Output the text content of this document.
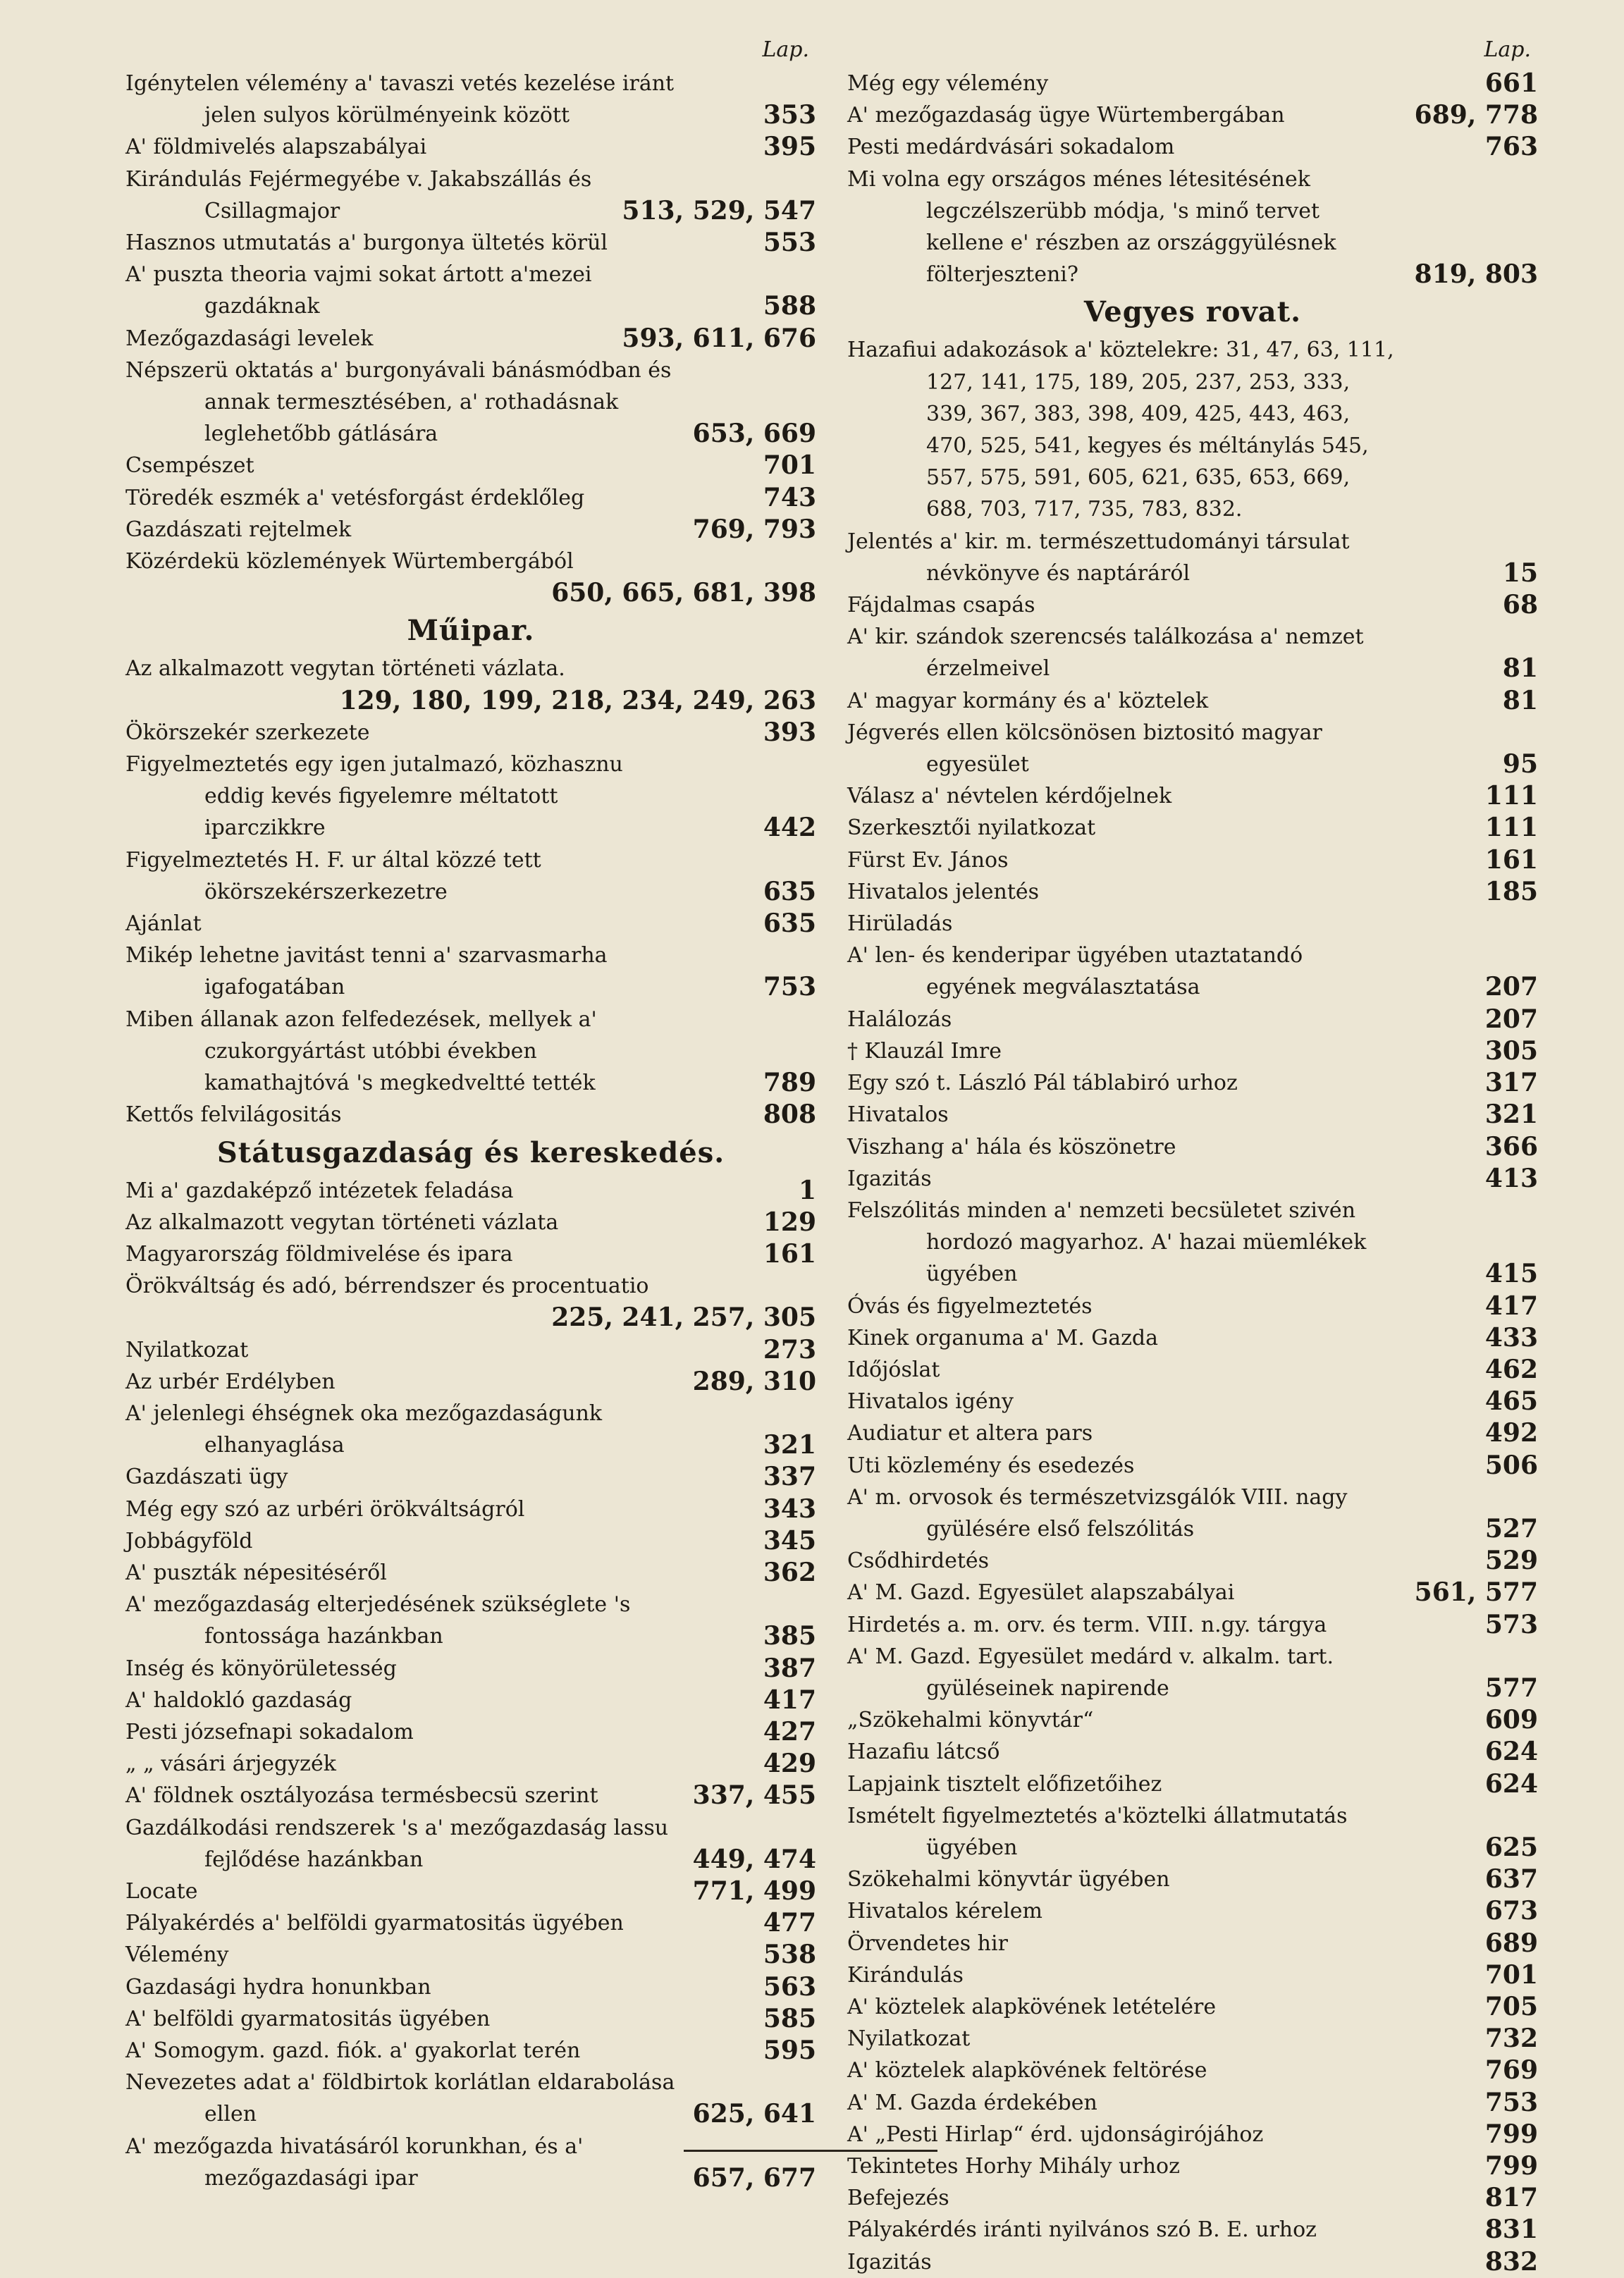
Lap.
Igénytelen vélemény a' tavaszi vetés kezelése iránt jelen sulyos körülményeink között	353
A' földmivelés alapszabályai	395
Kirándulás Fejérmegyébe v. Jakabszállás és Csillagmajor	513, 529, 547
Hasznos utmutatás a' burgonya ültetés körül	553
A' puszta theoria vajmi sokat ártott a'mezei gazdáknak	588
Mezőgazdasági levelek	593, 611, 676
Népszerü oktatás a' burgonyávali bánásmódban és annak termesztésében, a' rothadásnak leglehetőbb gátlására	653, 669
Csempészet	701
Töredék eszmék a' vetésforgást érdeklőleg	743
Gazdászati rejtelmek	769, 793
Közérdekü közlemények Würtembergából
650, 665, 681, 398
Műipar.
Az alkalmazott vegytan történeti vázlata.
129, 180, 199, 218, 234, 249, 263
Ökörszekér szerkezete	393
Figyelmeztetés egy igen jutalmazó, közhasznu eddig kevés figyelemre méltatott iparczikkre	442
Figyelmeztetés H. F. ur által közzé tett ökörszekérszerkezetre	635
Ajánlat	635
Mikép lehetne javitást tenni a' szarvasmarha igafogatában	753
Miben állanak azon felfedezések, mellyek a' czukorgyártást utóbbi években kamathajtóvá 's megkedveltté tették	789
Kettős felvilágositás	808
Státusgazdaság és kereskedés.
Mi a' gazdaképző intézetek feladása	1
Az alkalmazott vegytan történeti vázlata	129
Magyarország földmivelése és ipara	161
Örökváltság és adó, bérrendszer és procentuatio
225, 241, 257, 305
Nyilatkozat	273
Az urbér Erdélyben	289, 310
A' jelenlegi éhségnek oka mezőgazdaságunk elhanyaglása	321
Gazdászati ügy	337
Még egy szó az urbéri örökváltságról	343
Jobbágyföld	345
A' puszták népesitéséről	362
A' mezőgazdaság elterjedésének szükséglete 's fontossága hazánkban	385
Inség és könyörületesség	387
A' haldokló gazdaság	417
Pesti józsefnapi sokadalom	427
„ „ vásári árjegyzék	429
A' földnek osztályozása termésbecsü szerint	337, 455
Gazdálkodási rendszerek 's a' mezőgazdaság lassu fejlődése hazánkban	449, 474
Locate	771, 499
Pályakérdés a' belföldi gyarmatositás ügyében	477
Vélemény	538
Gazdasági hydra honunkban	563
A' belföldi gyarmatositás ügyében	585
A' Somogym. gazd. fiók. a' gyakorlat terén	595
Nevezetes adat a' földbirtok korlátlan eldarabolása ellen	625, 641
A' mezőgazda hivatásáról korunkhan, és a' mezőgazdasági ipar	657, 677
Lap.
Még egy vélemény	661
A' mezőgazdaság ügye Würtembergában	689, 778
Pesti medárdvásári sokadalom	763
Mi volna egy országos ménes létesitésének legczélszerübb módja, 's minő tervet kellene e' részben az országgyülésnek fölterjeszteni?	819, 803
Vegyes rovat.
Hazafiui adakozások a' köztelekre: 31, 47, 63, 111, 127, 141, 175, 189, 205, 237, 253, 333, 339, 367, 383, 398, 409, 425, 443, 463, 470, 525, 541, kegyes és méltánylás 545, 557, 575, 591, 605, 621, 635, 653, 669, 688, 703, 717, 735, 783, 832.
Jelentés a' kir. m. természettudományi társulat névkönyve és naptáráról	15
Fájdalmas csapás	68
A' kir. szándok szerencsés találkozása a' nemzet érzelmeivel	81
A' magyar kormány és a' köztelek	81
Jégverés ellen kölcsönösen biztositó magyar egyesület	95
Válasz a' névtelen kérdőjelnek	111
Szerkesztői nyilatkozat	111
Fürst Ev. János	161
Hivatalos jelentés	185
Hirüladás
A' len- és kenderipar ügyében utaztatandó egyének megválasztatása	207
Halálozás	207
† Klauzál Imre	305
Egy szó t. László Pál táblabiró urhoz	317
Hivatalos	321
Viszhang a' hála és köszönetre	366
Igazitás	413
Felszólitás minden a' nemzeti becsületet szivén hordozó magyarhoz. A' hazai müemlékek ügyében	415
Óvás és figyelmeztetés	417
Kinek organuma a' M. Gazda	433
Időjóslat	462
Hivatalos igény	465
Audiatur et altera pars	492
Uti közlemény és esedezés	506
A' m. orvosok és természetvizsgálók VIII. nagy gyülésére első felszólitás	527
Csődhirdetés	529
A' M. Gazd. Egyesület alapszabályai	561, 577
Hirdetés a. m. orv. és term. VIII. n.gy. tárgya	573
A' M. Gazd. Egyesület medárd v. alkalm. tart. gyüléseinek napirende	577
„Szökehalmi könyvtár“	609
Hazafiu látcső	624
Lapjaink tisztelt előfizetőihez	624
Ismételt figyelmeztetés a'köztelki állatmutatás ügyében	625
Szökehalmi könyvtár ügyében	637
Hivatalos kérelem	673
Örvendetes hir	689
Kirándulás	701
A' köztelek alapkövének letételére	705
Nyilatkozat	732
A' köztelek alapkövének feltörése	769
A' M. Gazda érdekében	753
A' „Pesti Hirlap“ érd. ujdonságirójához	799
Tekintetes Horhy Mihály urhoz	799
Befejezés	817
Pályakérdés iránti nyilvános szó B. E. urhoz	831
Igazitás	832
